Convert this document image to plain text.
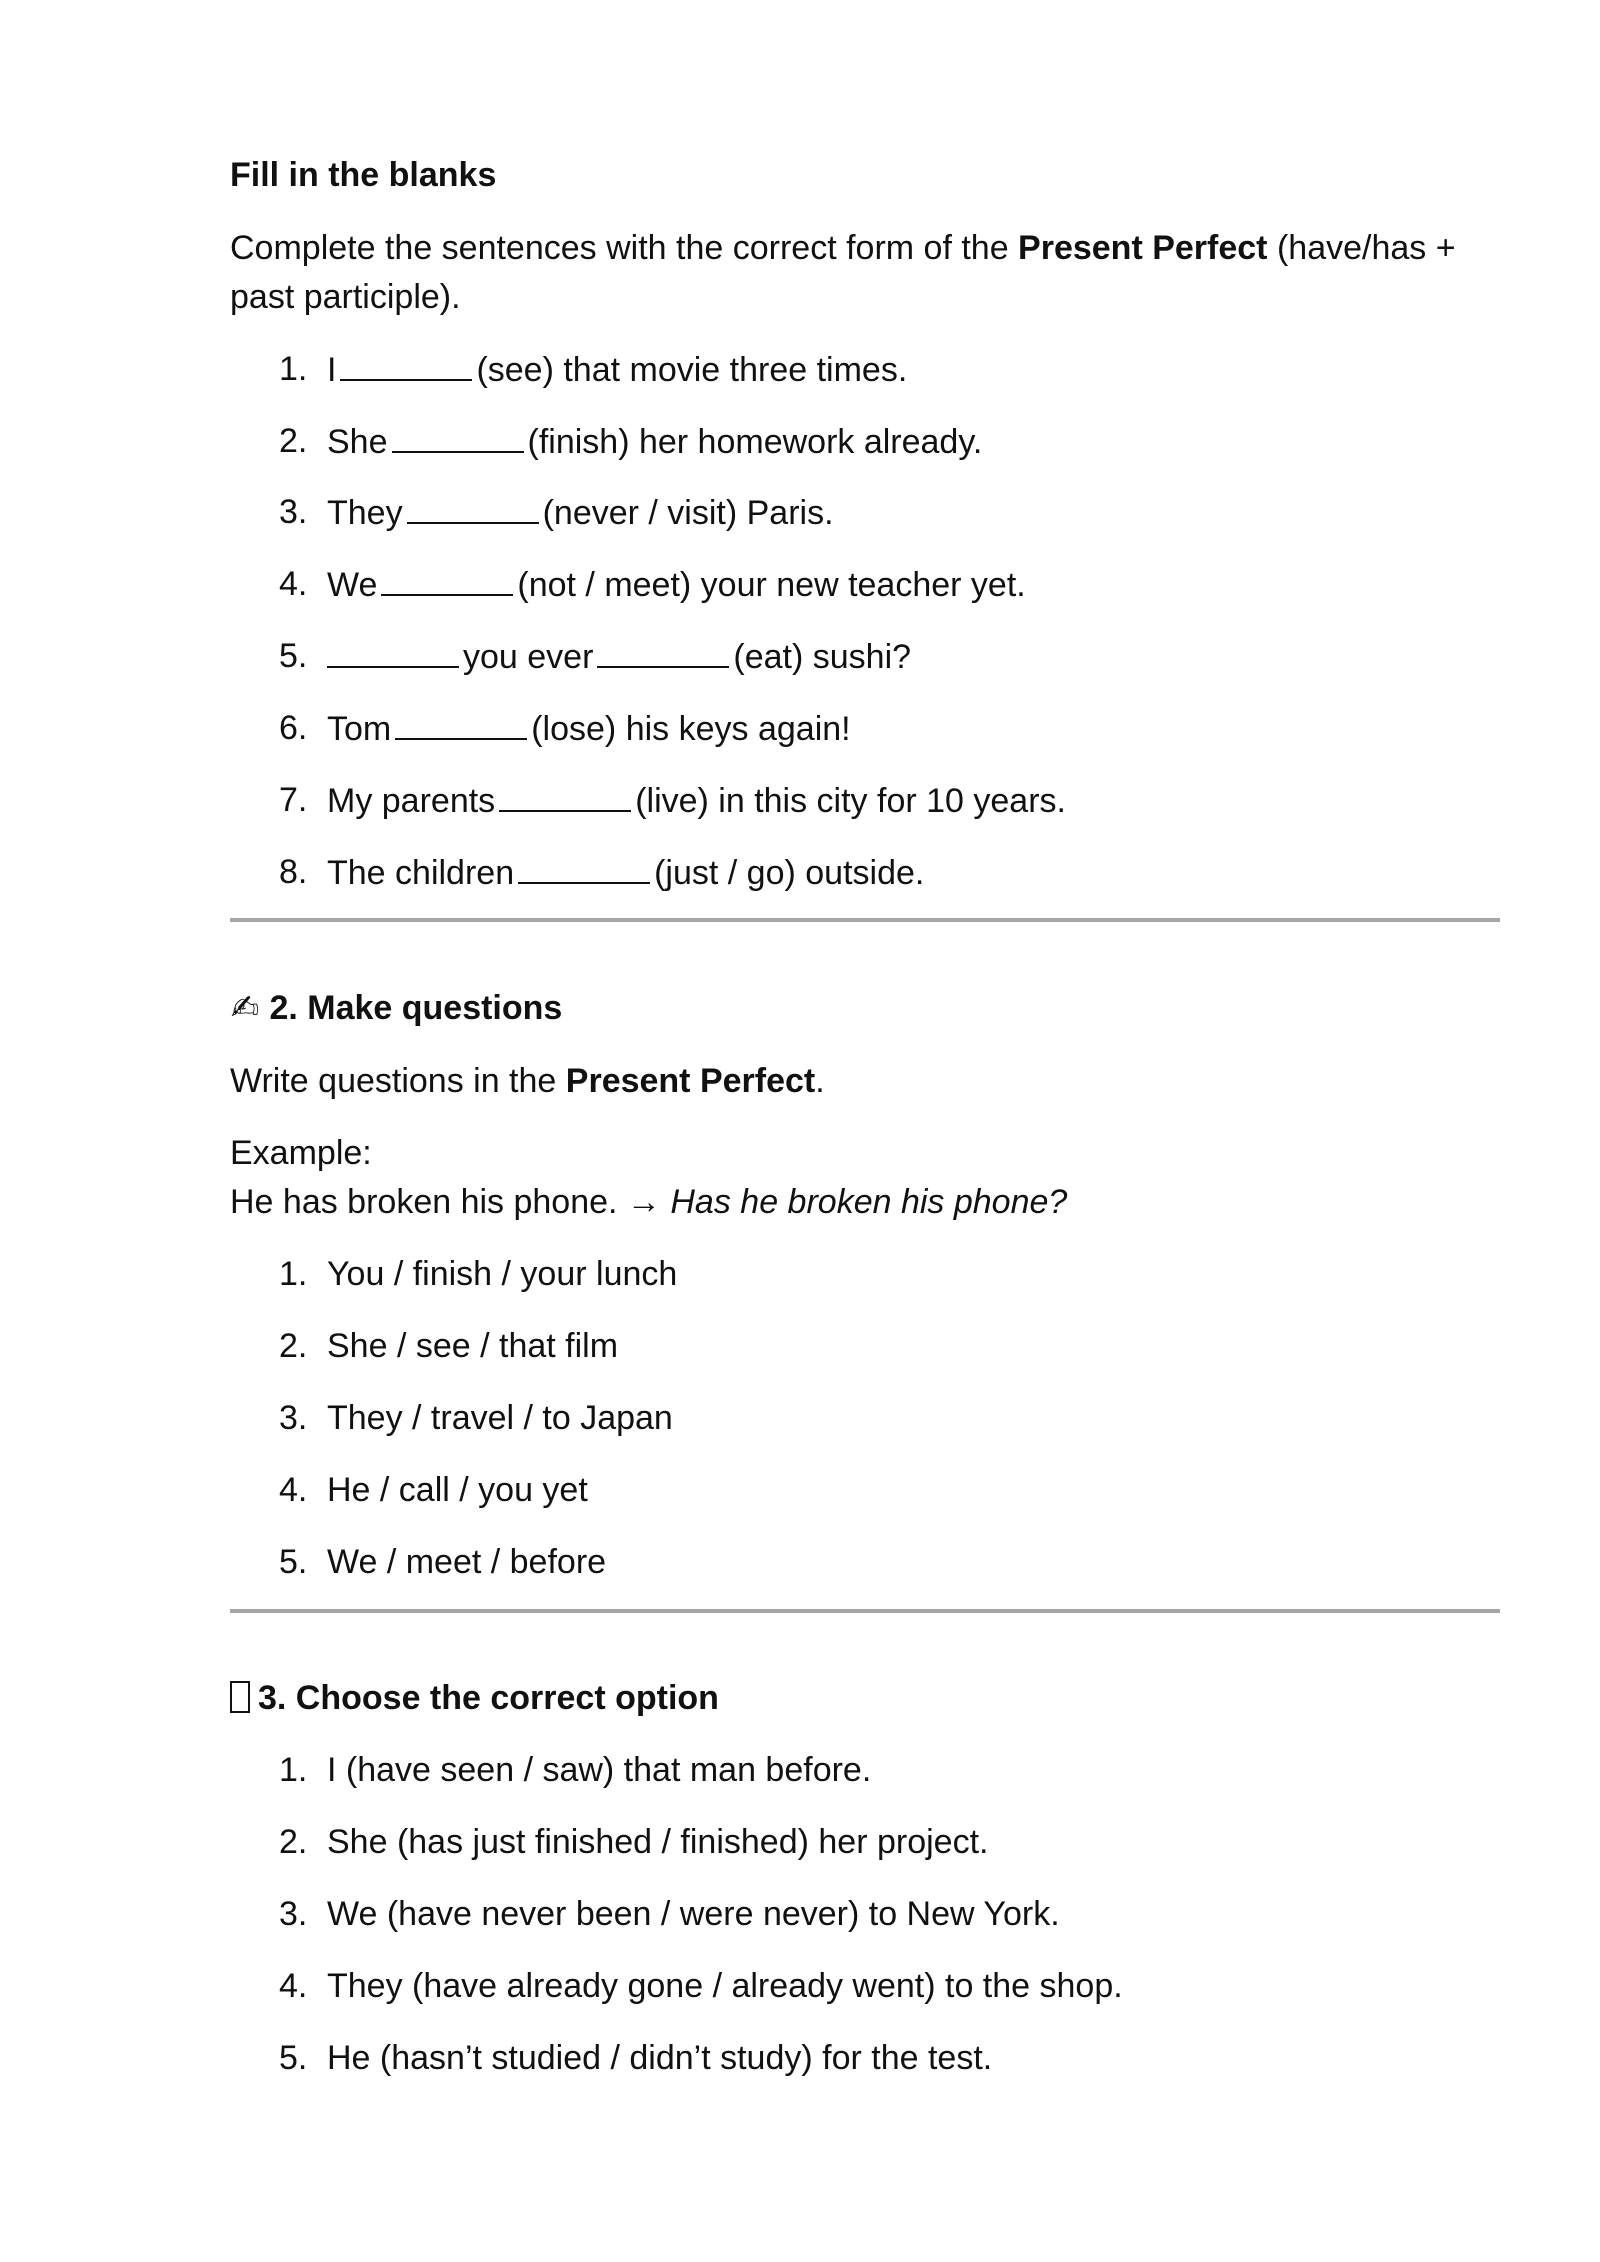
Fill in the blanks
Complete the sentences with the correct form of the Present Perfect (have/has +
past participle).
1. I	(see) that movie three times.
2. She	(finish) her homework already.
3. They	(never / visit) Paris.
4. We	(not / meet) your new teacher yet.
5.	you ever	(eat) sushi?
6. Tom	(lose) his keys again!
7. My parents	(live) in this city for 10 years.
8. The children	(just / go) outside.
✍ 2. Make questions
Write questions in the Present Perfect.
Example:
He has broken his phone. → Has he broken his phone?
1. You / finish / your lunch
2. She / see / that film
3. They / travel / to Japan
4. He / call / you yet
5. We / meet / before
3. Choose the correct option
1. I (have seen / saw) that man before.
2. She (has just finished / finished) her project.
3. We (have never been / were never) to New York.
4. They (have already gone / already went) to the shop.
5. He (hasn’t studied / didn’t study) for the test.
